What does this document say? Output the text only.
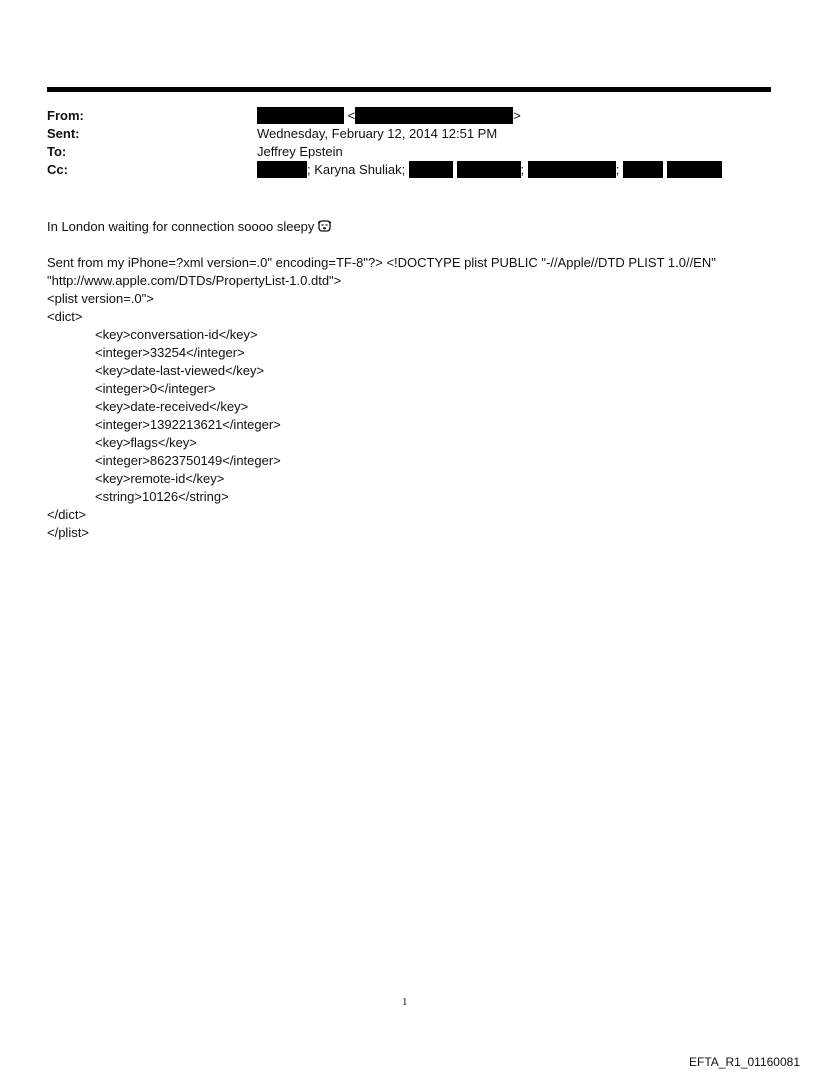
From:	<	>
Sent:	Wednesday, February 12, 2014 12:51 PM
To:	Jeffrey Epstein
Cc:	; Karyna Shuliak;	;	;
In London waiting for connection soooo sleepy
Sent from my iPhone=?xml version=.0" encoding=TF-8"?> <!DOCTYPE plist PUBLIC "-//Apple//DTD PLIST 1.0//EN"
"http://www.apple.com/DTDs/PropertyList-1.0.dtd">
<plist version=.0">
<dict>
<key>conversation-id</key>
<integer>33254</integer>
<key>date-last-viewed</key>
<integer>0</integer>
<key>date-received</key>
<integer>1392213621</integer>
<key>flags</key>
<integer>8623750149</integer>
<key>remote-id</key>
<string>10126</string>
</dict>
</plist>
1
EFTA_R1_01160081
